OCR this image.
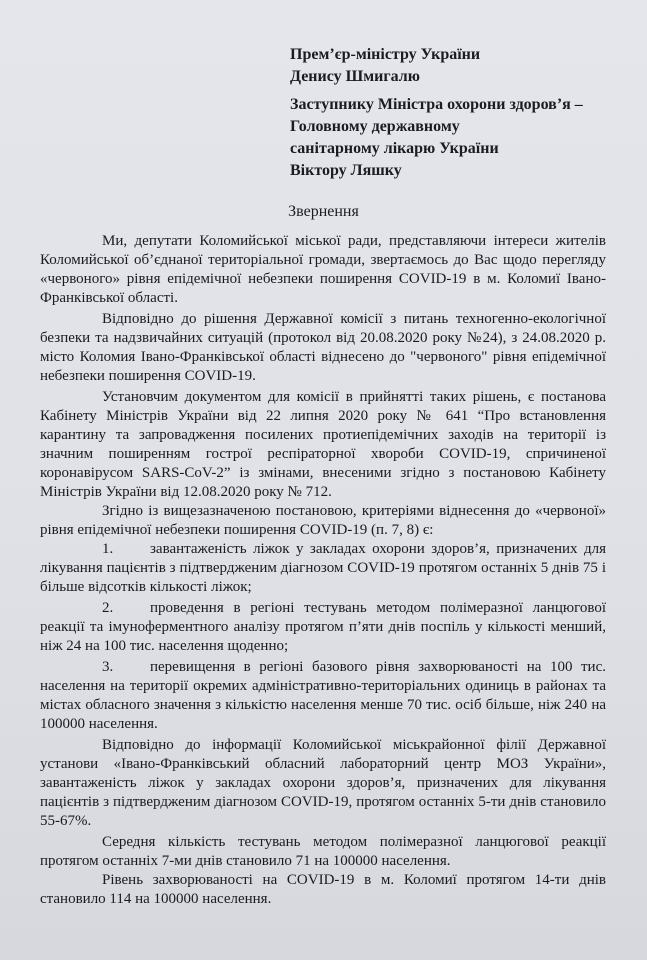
Прем’єр-міністру України
Денису Шмигалю
Заступнику Міністра охорони здоров’я –
Головному державному
санітарному лікарю України
Віктору Ляшку
Звернення

Ми, депутати Коломийської міської ради, представляючи інтереси жителів Коломийської об’єднаної територіальної громади, звертаємось до Вас щодо перегляду «червоного» рівня епідемічної небезпеки поширення COVID-19 в м. Коломиї Івано-Франківської області.

Відповідно до рішення Державної комісії з питань техногенно-екологічної безпеки та надзвичайних ситуацій (протокол від 20.08.2020 року №24), з 24.08.2020 р. місто Коломия Івано-Франківської області віднесено до "червоного" рівня епідемічної небезпеки поширення COVID-19.

Установчим документом для комісії в прийнятті таких рішень, є постанова Кабінету Міністрів України від 22 липня 2020 року № 641 “Про встановлення карантину та запровадження посилених протиепідемічних заходів на території із значним поширенням гострої респіраторної хвороби COVID-19, спричиненої коронавірусом SARS-CoV-2” із змінами, внесеними згідно з постановою Кабінету Міністрів України від 12.08.2020 року № 712.

Згідно із вищезазначеною постановою, критеріями віднесення до «червоної» рівня епідемічної небезпеки поширення COVID-19 (п. 7, 8) є:

1. завантаженість ліжок у закладах охорони здоров’я, призначених для лікування пацієнтів з підтвердженим діагнозом COVID-19 протягом останніх 5 днів 75 і більше відсотків кількості ліжок;

2. проведення в регіоні тестувань методом полімеразної ланцюгової реакції та імуноферментного аналізу протягом п’яти днів поспіль у кількості менший, ніж 24 на 100 тис. населення щоденно;

3. перевищення в регіоні базового рівня захворюваності на 100 тис. населення на території окремих адміністративно-територіальних одиниць в районах та містах обласного значення з кількістю населення менше 70 тис. осіб більше, ніж 240 на 100000 населення.

Відповідно до інформації Коломийської міськрайонної філії Державної установи «Івано-Франківський обласний лабораторний центр МОЗ України», завантаженість ліжок у закладах охорони здоров’я, призначених для лікування пацієнтів з підтвердженим діагнозом COVID-19, протягом останніх 5-ти днів становило 55-67%.

Середня кількість тестувань методом полімеразної ланцюгової реакції протягом останніх 7-ми днів становило 71 на 100000 населення.

Рівень захворюваності на COVID-19 в м. Коломиї протягом 14-ти днів становило 114 на 100000 населення.
